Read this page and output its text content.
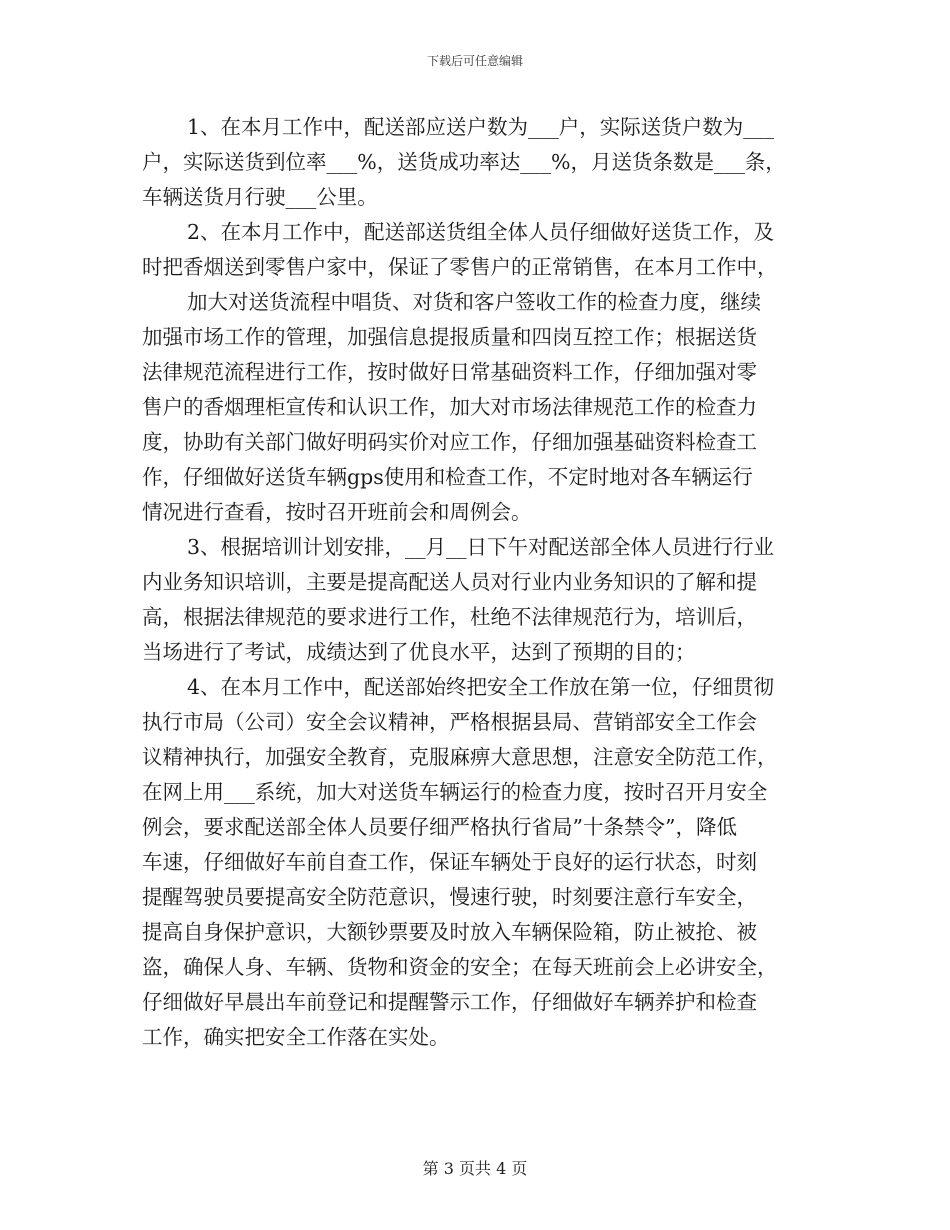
下载后可任意编辑
1、在本月工作中，配送部应送户数为___户，实际送货户数为___
户，实际送货到位率___%，送货成功率达___%，月送货条数是___条，
车辆送货月行驶___公里。
2、在本月工作中，配送部送货组全体人员仔细做好送货工作，及
时把香烟送到零售户家中，保证了零售户的正常销售，在本月工作中，
加大对送货流程中唱货、对货和客户签收工作的检查力度，继续
加强市场工作的管理，加强信息提报质量和四岗互控工作；根据送货
法律规范流程进行工作，按时做好日常基础资料工作，仔细加强对零
售户的香烟理柜宣传和认识工作，加大对市场法律规范工作的检查力
度，协助有关部门做好明码实价对应工作，仔细加强基础资料检查工
作，仔细做好送货车辆gps使用和检查工作，不定时地对各车辆运行
情况进行查看，按时召开班前会和周例会。
3、根据培训计划安排，__月__日下午对配送部全体人员进行行业
内业务知识培训，主要是提高配送人员对行业内业务知识的了解和提
高，根据法律规范的要求进行工作，杜绝不法律规范行为，培训后，
当场进行了考试，成绩达到了优良水平，达到了预期的目的；
4、在本月工作中，配送部始终把安全工作放在第一位，仔细贯彻
执行市局（公司）安全会议精神，严格根据县局、营销部安全工作会
议精神执行，加强安全教育，克服麻痹大意思想，注意安全防范工作，
在网上用___系统，加大对送货车辆运行的检查力度，按时召开月安全
例会，要求配送部全体人员要仔细严格执行省局”十条禁令”，降低
车速，仔细做好车前自查工作，保证车辆处于良好的运行状态，时刻
提醒驾驶员要提高安全防范意识，慢速行驶，时刻要注意行车安全，
提高自身保护意识，大额钞票要及时放入车辆保险箱，防止被抢、被
盗，确保人身、车辆、货物和资金的安全；在每天班前会上必讲安全，
仔细做好早晨出车前登记和提醒警示工作，仔细做好车辆养护和检查
工作，确实把安全工作落在实处。
第 3 页共 4 页
